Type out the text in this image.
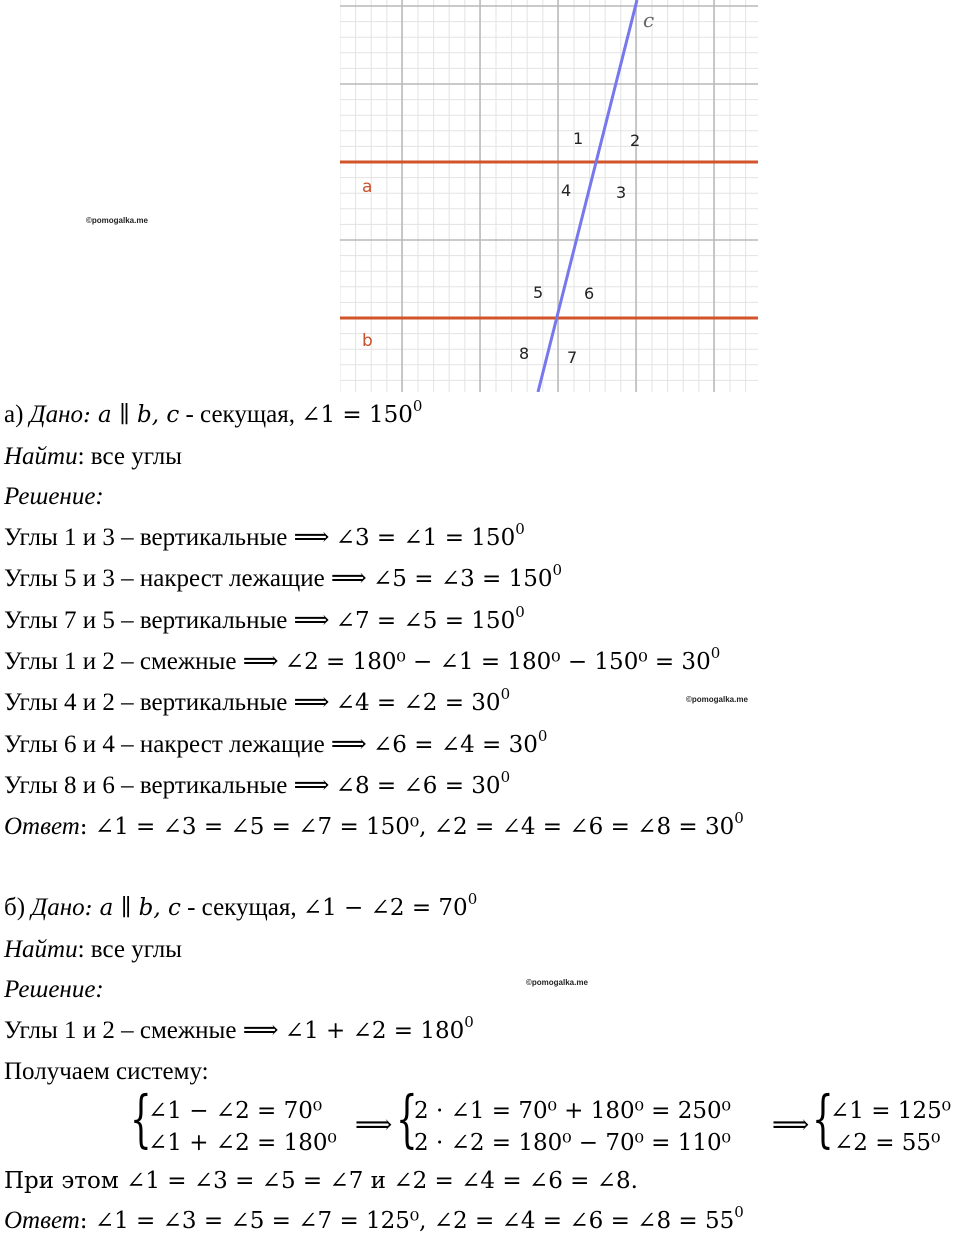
c
a
b
1	2
3
4
5	6
8 7
©pomogalka.me
©pomogalka.me
©pomogalka.me
а) Дано: a ∥ b, c - секущая, ∠1 = $150^0$
Найти: все углы
Решение:
Углы 1 и 3 – вертикальные ⟹ ∠3 = ∠1 = $150^0$
Углы 5 и 3 – накрест лежащие ⟹ ∠5 = ∠3 = $150^0$
Углы 7 и 5 – вертикальные ⟹ ∠7 = ∠5 = $150^0$
Углы 1 и 2 – смежные ⟹ ∠2 = 180⁰ − ∠1 = $180^0 - 150^0 = 30^0$
Углы 4 и 2 – вертикальные ⟹ ∠4 = ∠2 = $30^0$
Углы 6 и 4 – накрест лежащие ⟹ ∠6 = ∠4 = $30^0$
Углы 8 и 6 – вертикальные ⟹ ∠8 = ∠6 = $30^0$
Ответ: ∠1 = ∠3 = ∠5 = ∠7 = 150⁰, ∠2 = ∠4 = ∠6 = ∠8 = $30^0$
б) Дано: a ∥ b, c - секущая, ∠1 − ∠2 = $70^0$
Найти: все углы
Решение:
Углы 1 и 2 – смежные ⟹ ∠1 + ∠2 = $180^0$
Получаем систему:
{
∠1 − ∠2 = 70⁰
∠1 + ∠2 = 180⁰
⟹ {
2 · ∠1 = 70⁰ + 180⁰ = 250⁰
2 · ∠2 = 180⁰ − 70⁰ = 110⁰
⟹ {
∠1 = 125⁰
∠2 = 55⁰
При этом ∠1 = ∠3 = ∠5 = ∠7 и ∠2 = ∠4 = ∠6 = ∠8.
Ответ: ∠1 = ∠3 = ∠5 = ∠7 = 125⁰, ∠2 = ∠4 = ∠6 = ∠8 = $55^0$
